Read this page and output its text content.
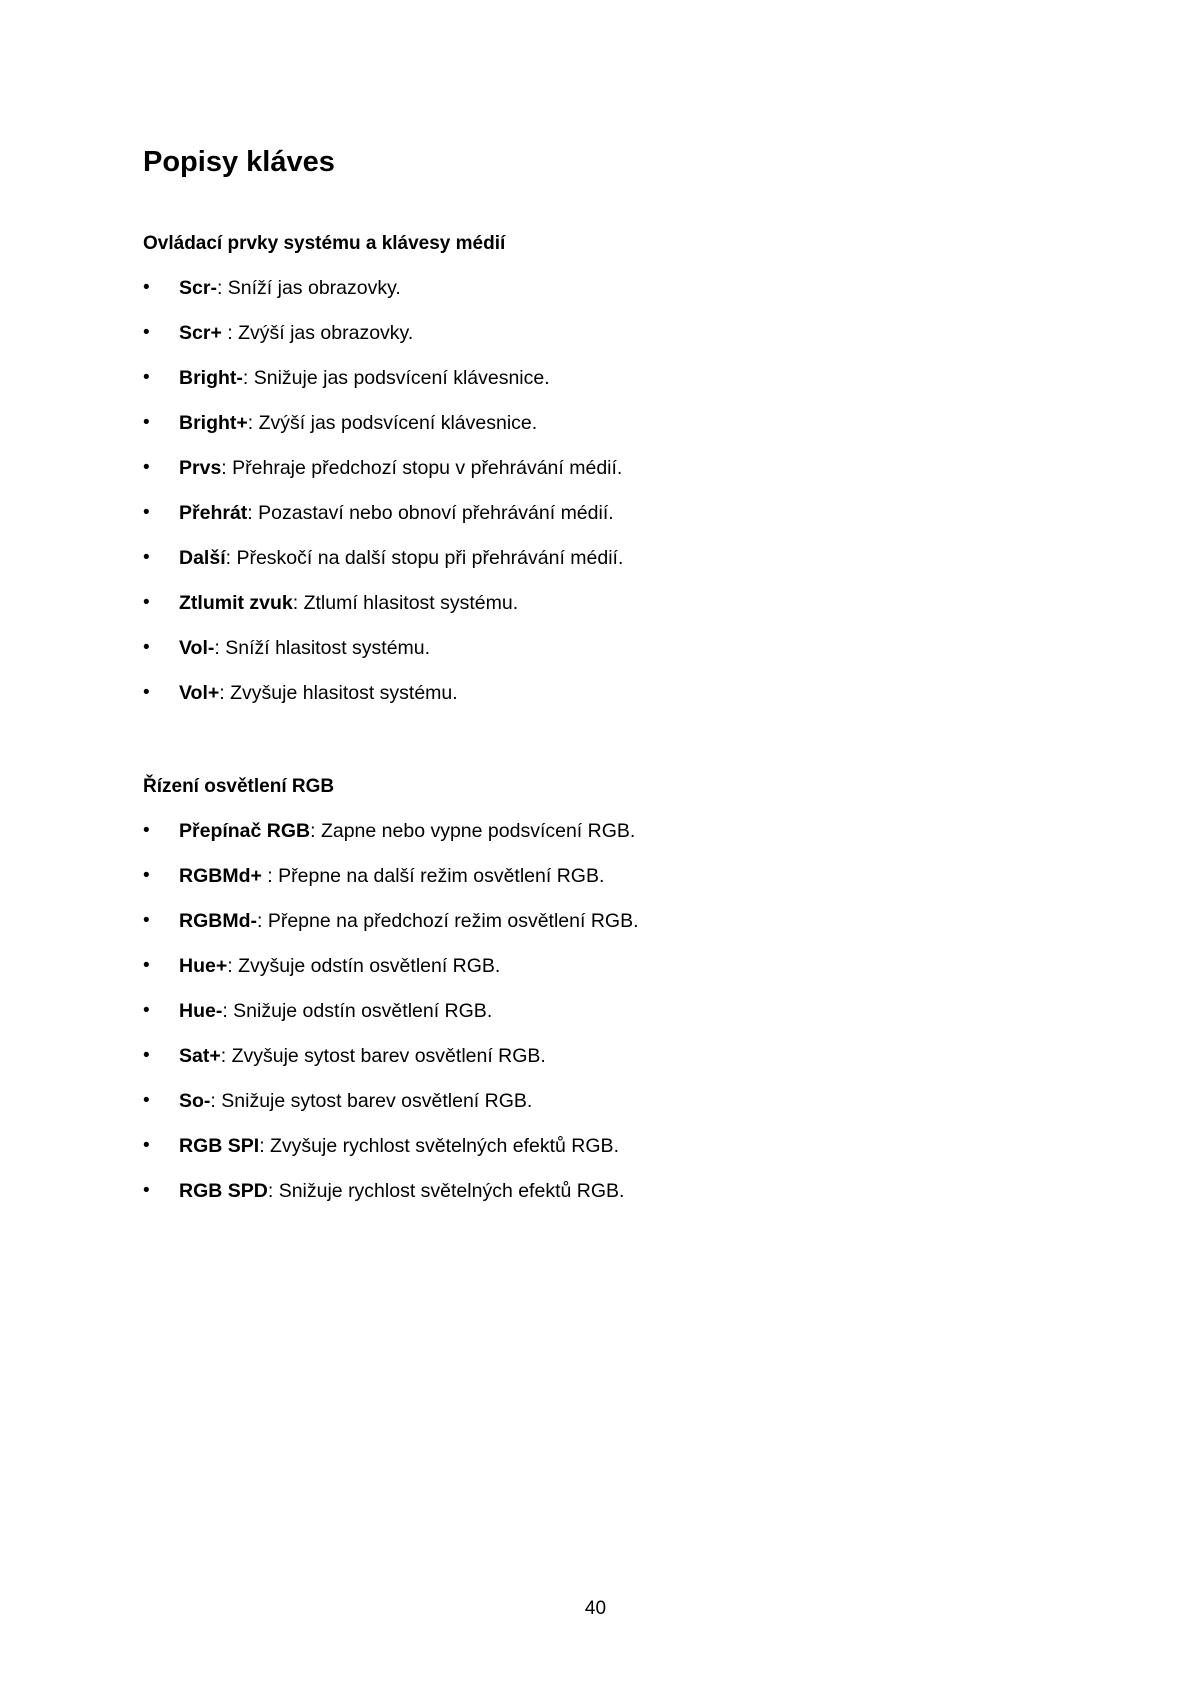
Popisy kláves
Ovládací prvky systému a klávesy médií
•	Scr-: Sníží jas obrazovky.
•	Scr+ : Zvýší jas obrazovky.
•	Bright-: Snižuje jas podsvícení klávesnice.
•	Bright+: Zvýší jas podsvícení klávesnice.
•	Prvs: Přehraje předchozí stopu v přehrávání médií.
•	Přehrát: Pozastaví nebo obnoví přehrávání médií.
•	Další: Přeskočí na další stopu při přehrávání médií.
•	Ztlumit zvuk: Ztlumí hlasitost systému.
•	Vol-: Sníží hlasitost systému.
•	Vol+: Zvyšuje hlasitost systému.
Řízení osvětlení RGB
•	Přepínač RGB: Zapne nebo vypne podsvícení RGB.
•	RGBMd+ : Přepne na další režim osvětlení RGB.
•	RGBMd-: Přepne na předchozí režim osvětlení RGB.
•	Hue+: Zvyšuje odstín osvětlení RGB.
•	Hue-: Snižuje odstín osvětlení RGB.
•	Sat+: Zvyšuje sytost barev osvětlení RGB.
•	So-: Snižuje sytost barev osvětlení RGB.
•	RGB SPI: Zvyšuje rychlost světelných efektů RGB.
•	RGB SPD: Snižuje rychlost světelných efektů RGB.
40
